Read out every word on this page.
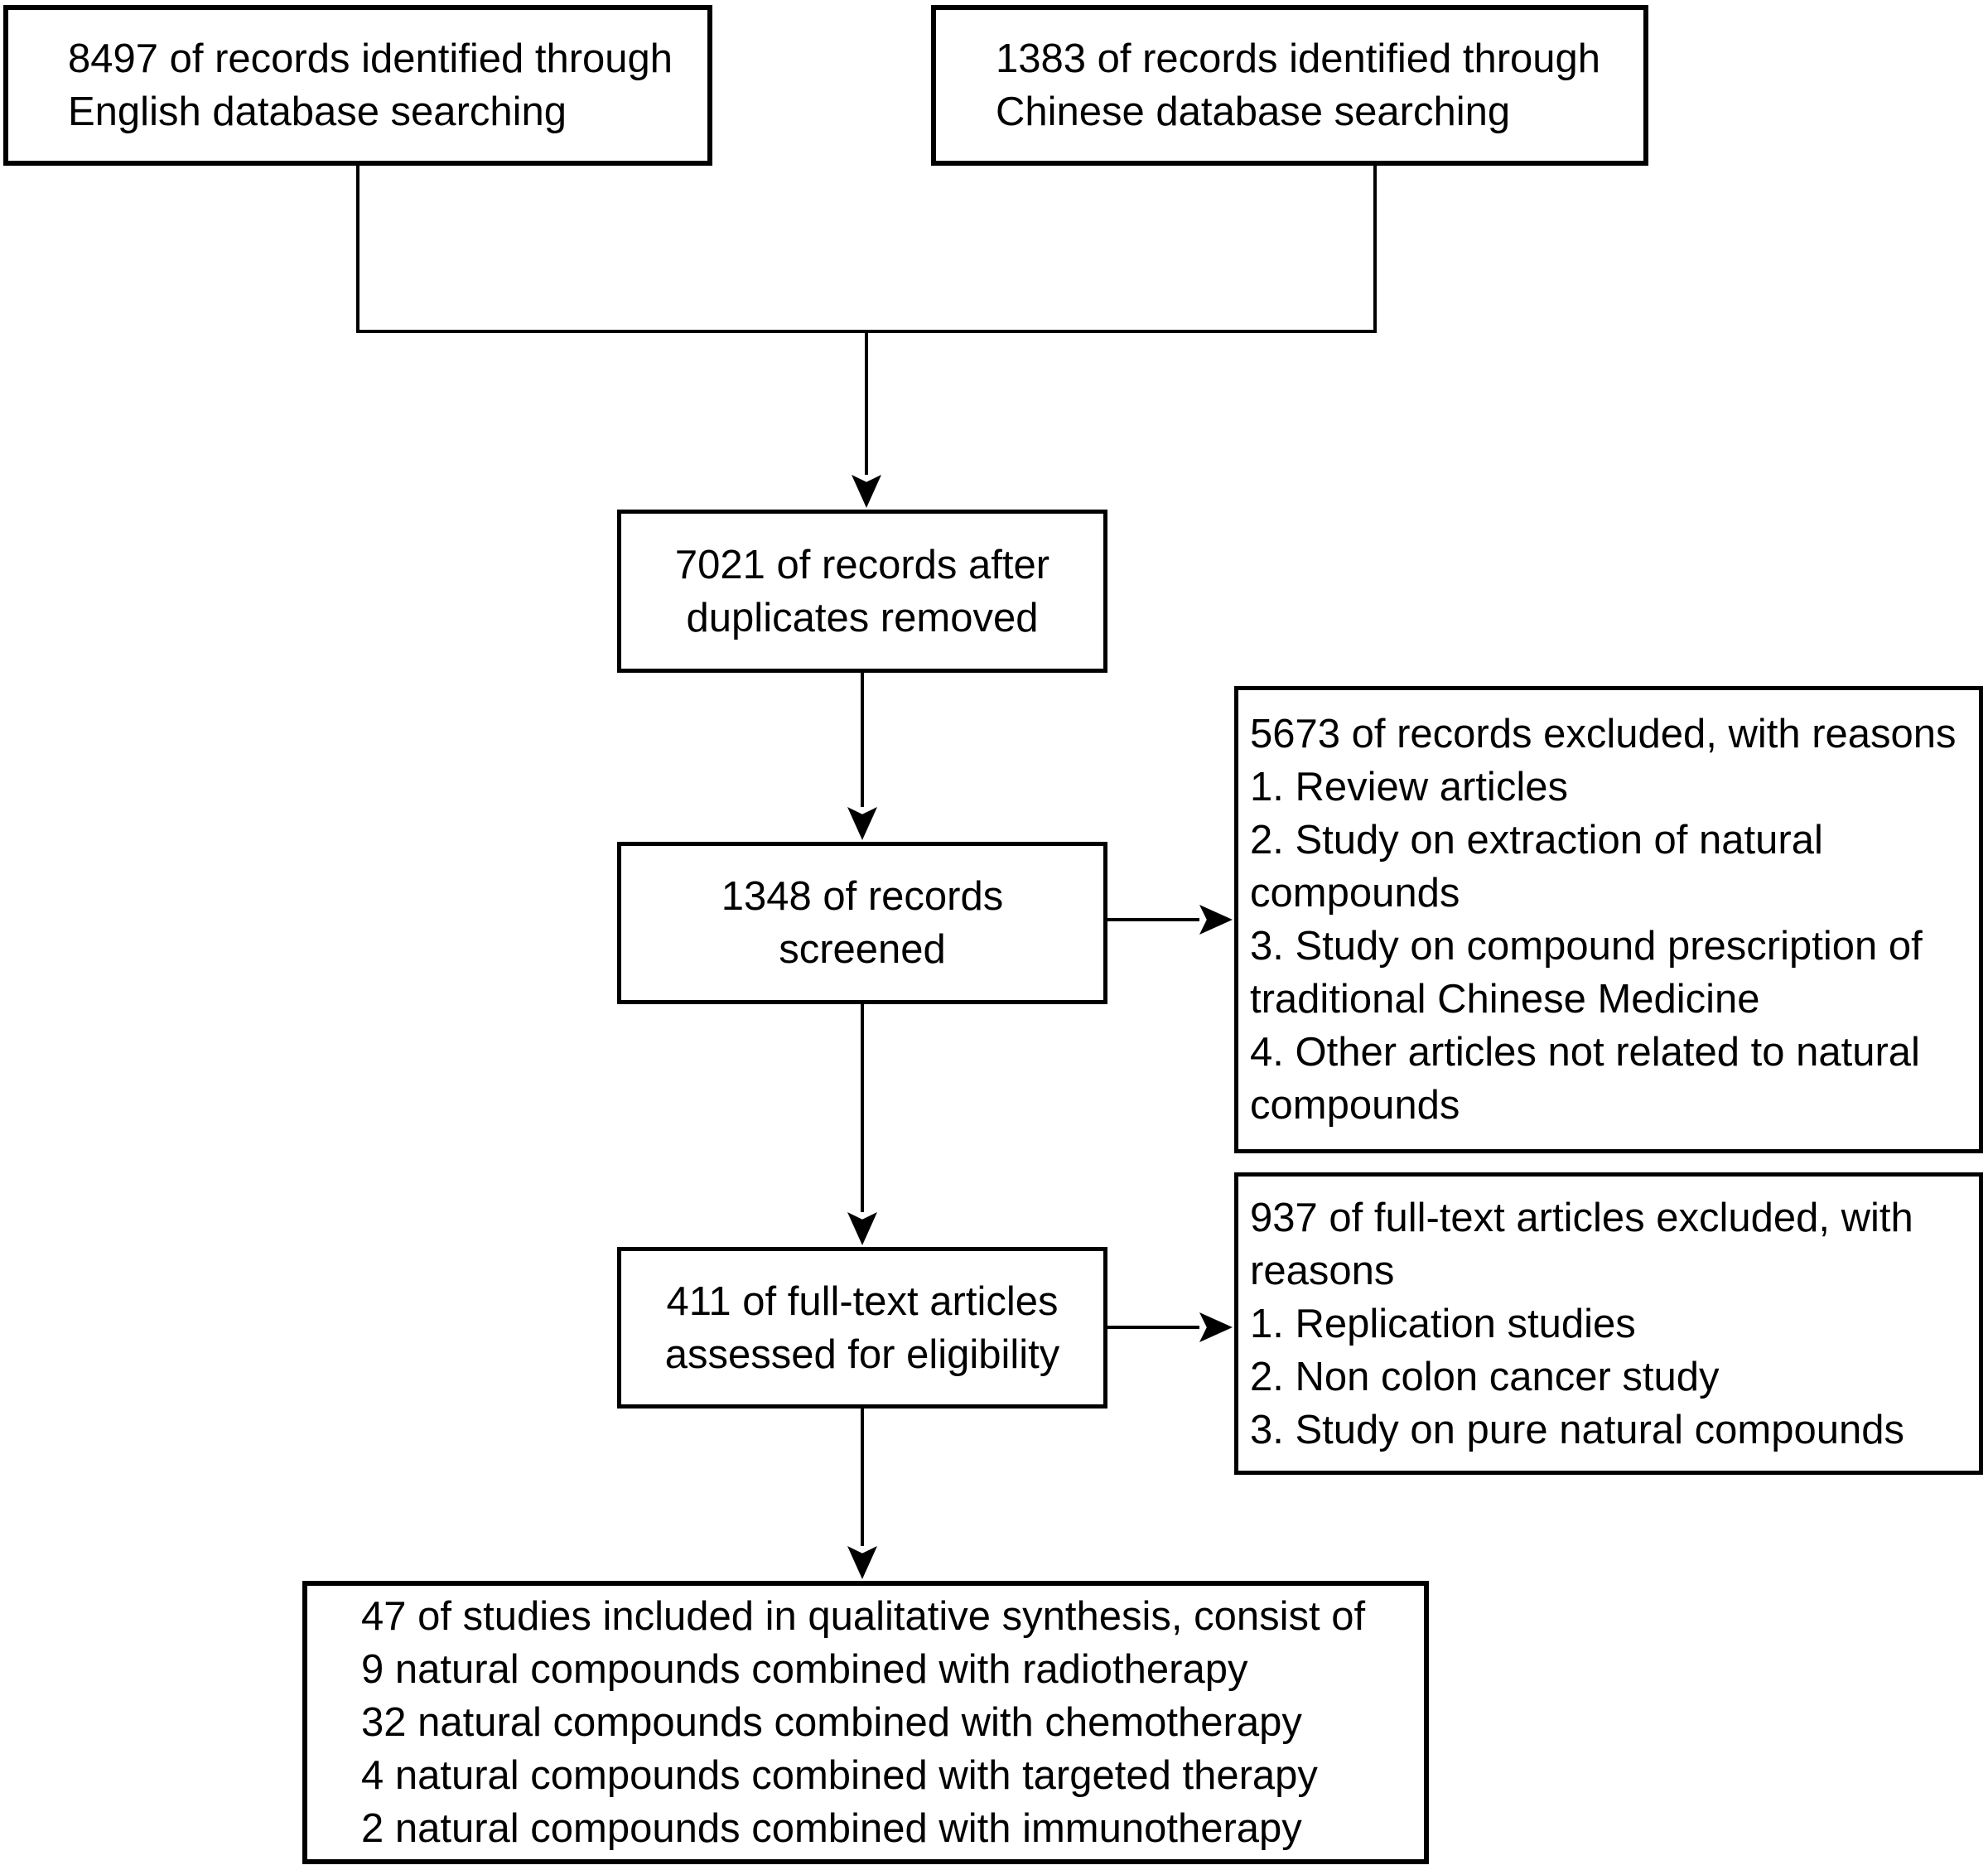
8497 of records identified through
English database searching
1383 of records identified through
Chinese database searching
7021 of records after
duplicates removed
1348 of records
screened
5673 of records excluded, with reasons
1. Review articles
2. Study on extraction of natural
compounds
3. Study on compound prescription of
traditional Chinese Medicine
4. Other articles not related to natural
compounds
411 of full-text articles
assessed for eligibility
937 of full-text articles excluded, with
reasons
1. Replication studies
2. Non colon cancer study
3. Study on pure natural compounds
47 of studies included in qualitative synthesis, consist of
9 natural compounds combined with radiotherapy
32 natural compounds combined with chemotherapy
4 natural compounds combined with targeted therapy
2 natural compounds combined with immunotherapy
